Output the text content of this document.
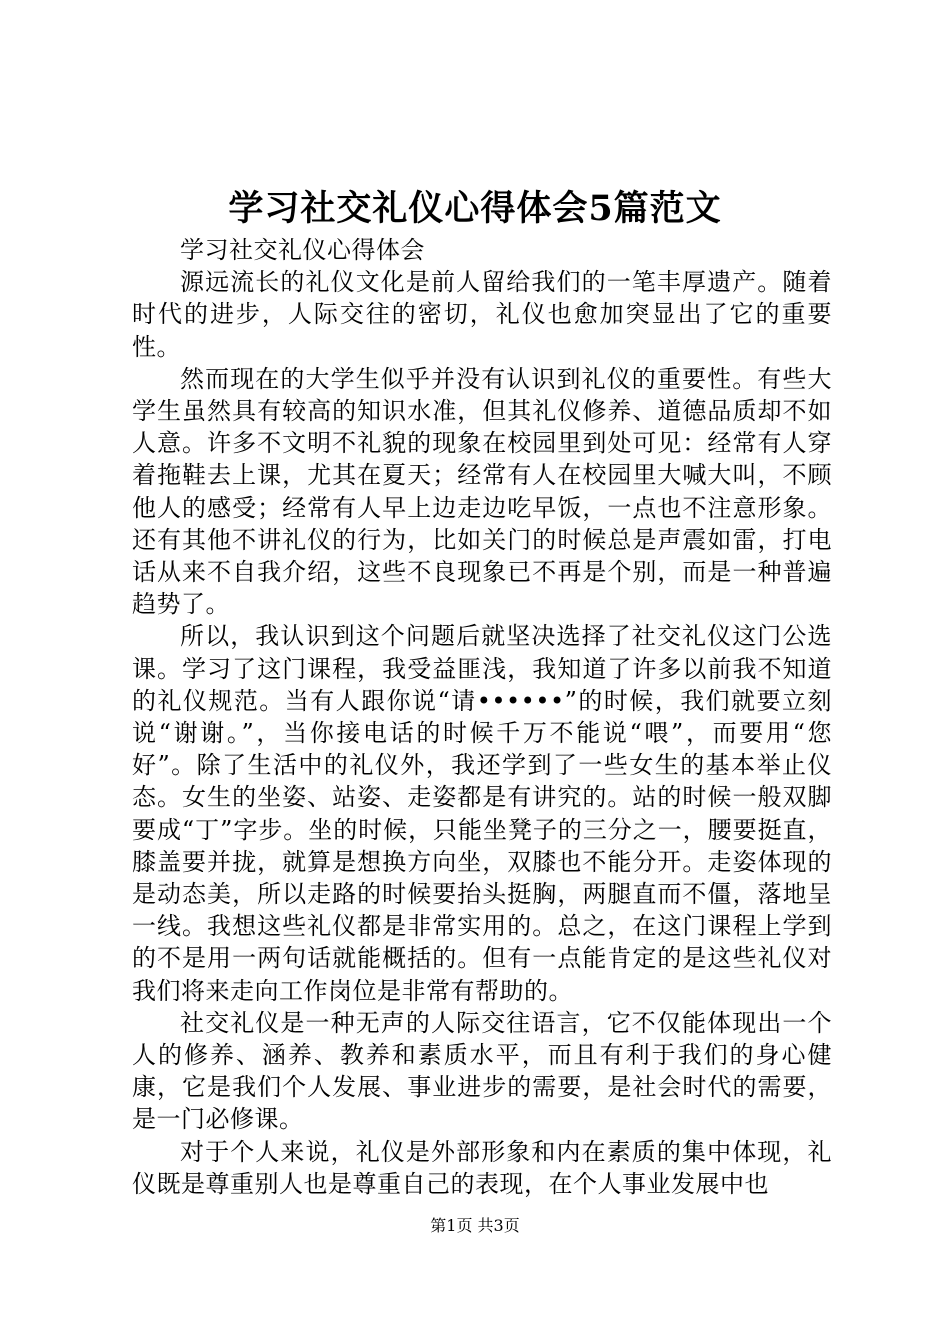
学习社交礼仪心得体会5篇范文

学习社交礼仪心得体会

源远流长的礼仪文化是前人留给我们的一笔丰厚遗产。随着时代的进步，人际交往的密切，礼仪也愈加突显出了它的重要性。

然而现在的大学生似乎并没有认识到礼仪的重要性。有些大学生虽然具有较高的知识水准，但其礼仪修养、道德品质却不如人意。许多不文明不礼貌的现象在校园里到处可见：经常有人穿着拖鞋去上课，尤其在夏天；经常有人在校园里大喊大叫，不顾他人的感受；经常有人早上边走边吃早饭，一点也不注意形象。还有其他不讲礼仪的行为，比如关门的时候总是声震如雷，打电话从来不自我介绍，这些不良现象已不再是个别，而是一种普遍趋势了。

所以，我认识到这个问题后就坚决选择了社交礼仪这门公选课。学习了这门课程，我受益匪浅，我知道了许多以前我不知道的礼仪规范。当有人跟你说“请••••••”的时候，我们就要立刻说“谢谢。”，当你接电话的时候千万不能说“喂”，而要用“您好”。除了生活中的礼仪外，我还学到了一些女生的基本举止仪态。女生的坐姿、站姿、走姿都是有讲究的。站的时候一般双脚要成“丁”字步。坐的时候，只能坐凳子的三分之一，腰要挺直，膝盖要并拢，就算是想换方向坐，双膝也不能分开。走姿体现的是动态美，所以走路的时候要抬头挺胸，两腿直而不僵，落地呈一线。我想这些礼仪都是非常实用的。总之，在这门课程上学到的不是用一两句话就能概括的。但有一点能肯定的是这些礼仪对我们将来走向工作岗位是非常有帮助的。

社交礼仪是一种无声的人际交往语言，它不仅能体现出一个人的修养、涵养、教养和素质水平，而且有利于我们的身心健康，它是我们个人发展、事业进步的需要，是社会时代的需要，是一门必修课。

对于个人来说，礼仪是外部形象和内在素质的集中体现，礼仪既是尊重别人也是尊重自己的表现，在个人事业发展中也

第1页 共3页
